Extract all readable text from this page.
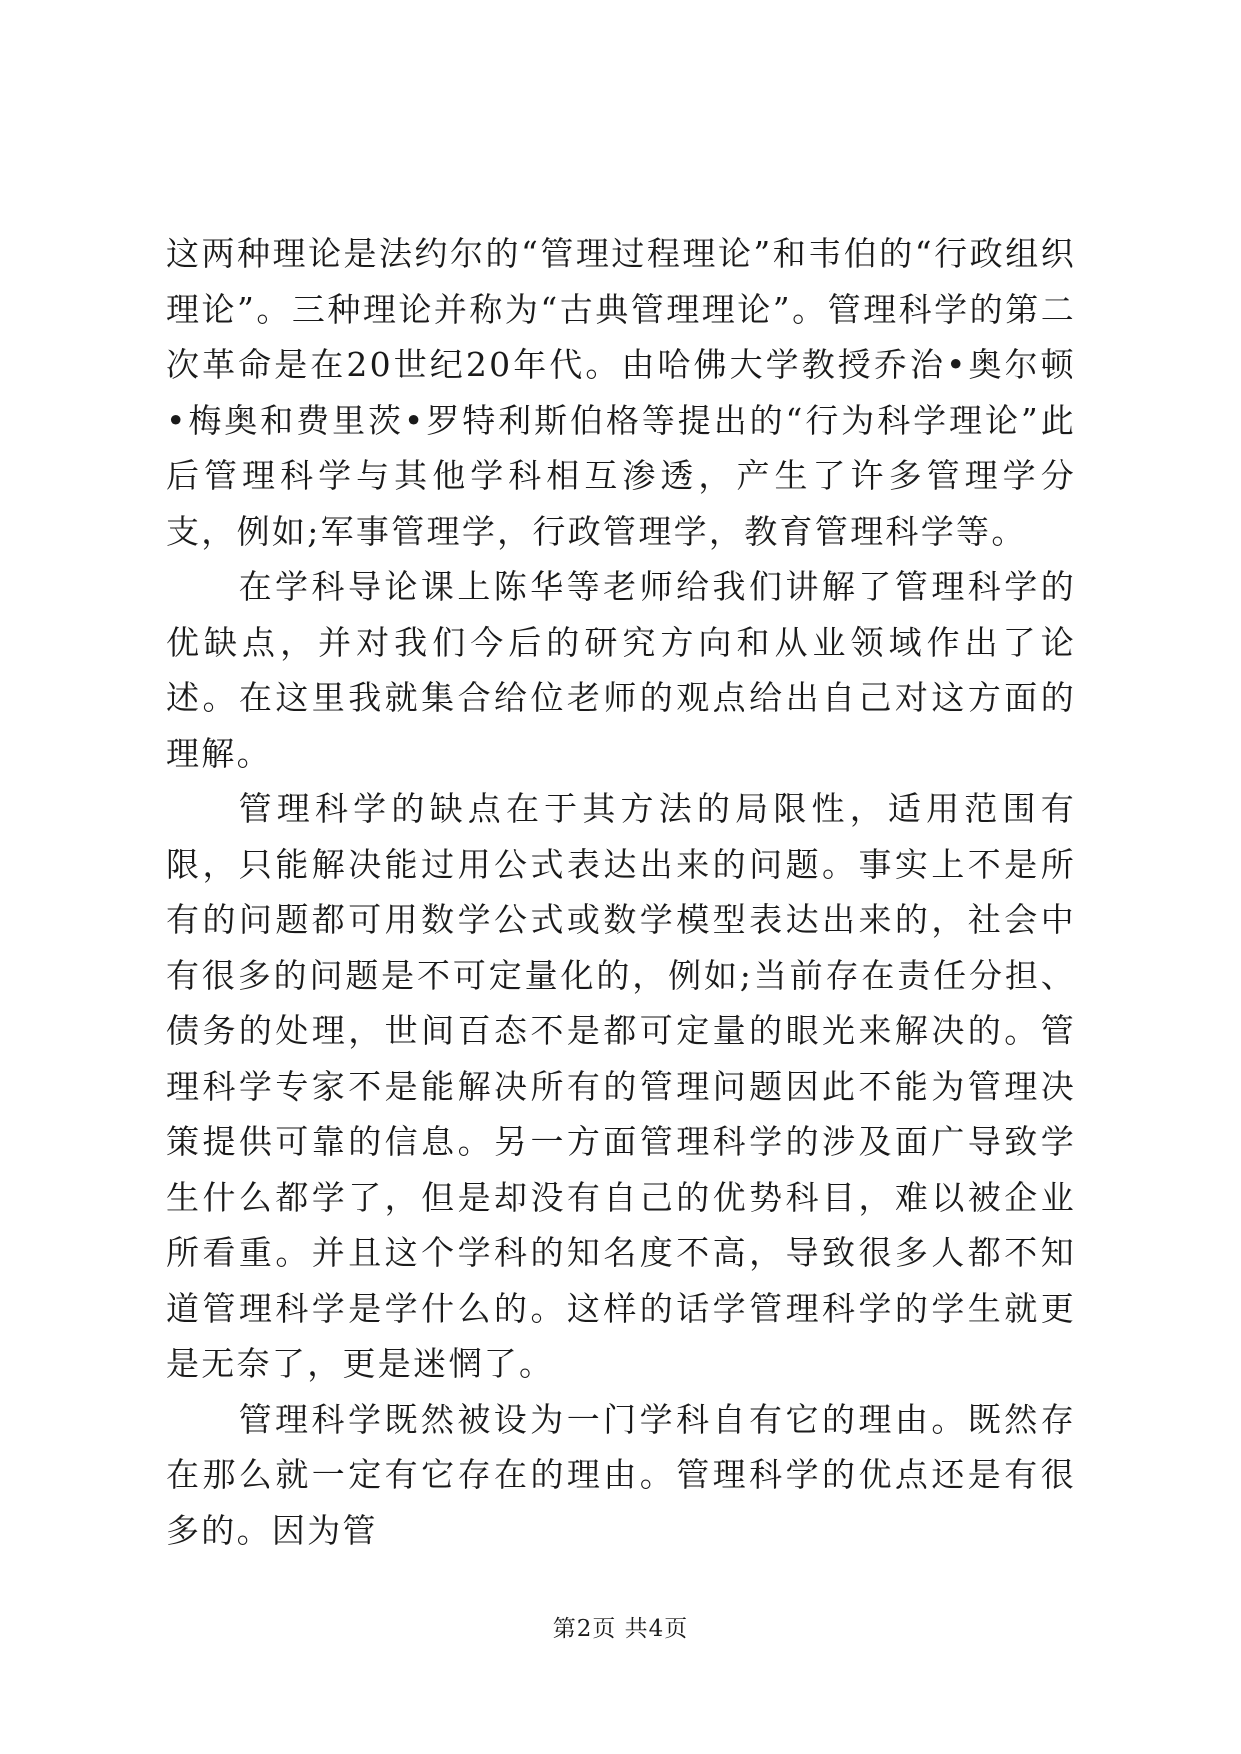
这两种理论是法约尔的“管理过程理论”和韦伯的“行政组织理论”。三种理论并称为“古典管理理论”。管理科学的第二次革命是在20世纪20年代。由哈佛大学教授乔治•奥尔顿•梅奥和费里茨•罗特利斯伯格等提出的“行为科学理论”此后管理科学与其他学科相互渗透，产生了许多管理学分支，例如;军事管理学，行政管理学，教育管理科学等。

在学科导论课上陈华等老师给我们讲解了管理科学的优缺点，并对我们今后的研究方向和从业领域作出了论述。在这里我就集合给位老师的观点给出自己对这方面的理解。

管理科学的缺点在于其方法的局限性，适用范围有限，只能解决能过用公式表达出来的问题。事实上不是所有的问题都可用数学公式或数学模型表达出来的，社会中有很多的问题是不可定量化的，例如;当前存在责任分担、债务的处理，世间百态不是都可定量的眼光来解决的。管理科学专家不是能解决所有的管理问题因此不能为管理决策提供可靠的信息。另一方面管理科学的涉及面广导致学生什么都学了，但是却没有自己的优势科目，难以被企业所看重。并且这个学科的知名度不高，导致很多人都不知道管理科学是学什么的。这样的话学管理科学的学生就更是无奈了，更是迷惘了。

管理科学既然被设为一门学科自有它的理由。既然存在那么就一定有它存在的理由。管理科学的优点还是有很多的。因为管

第2页 共4页
